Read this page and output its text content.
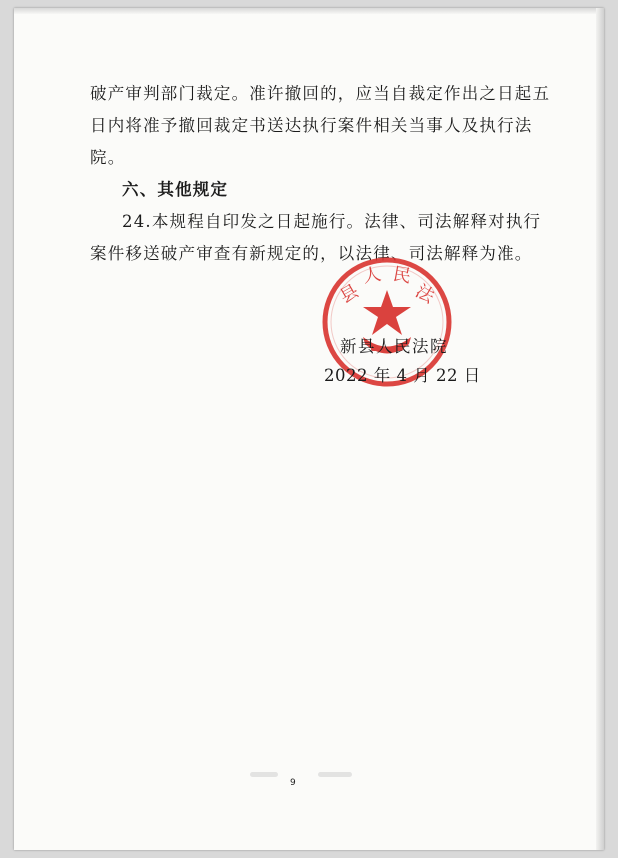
破产审判部门裁定。准许撤回的，应当自裁定作出之日起五
日内将准予撤回裁定书送达执行案件相关当事人及执行法
院。
六、其他规定
24.本规程自印发之日起施行。法律、司法解释对执行
案件移送破产审查有新规定的，以法律、司法解释为准。
县
人 民
法
新县人民法院
2022 年 4 月 22 日
9
